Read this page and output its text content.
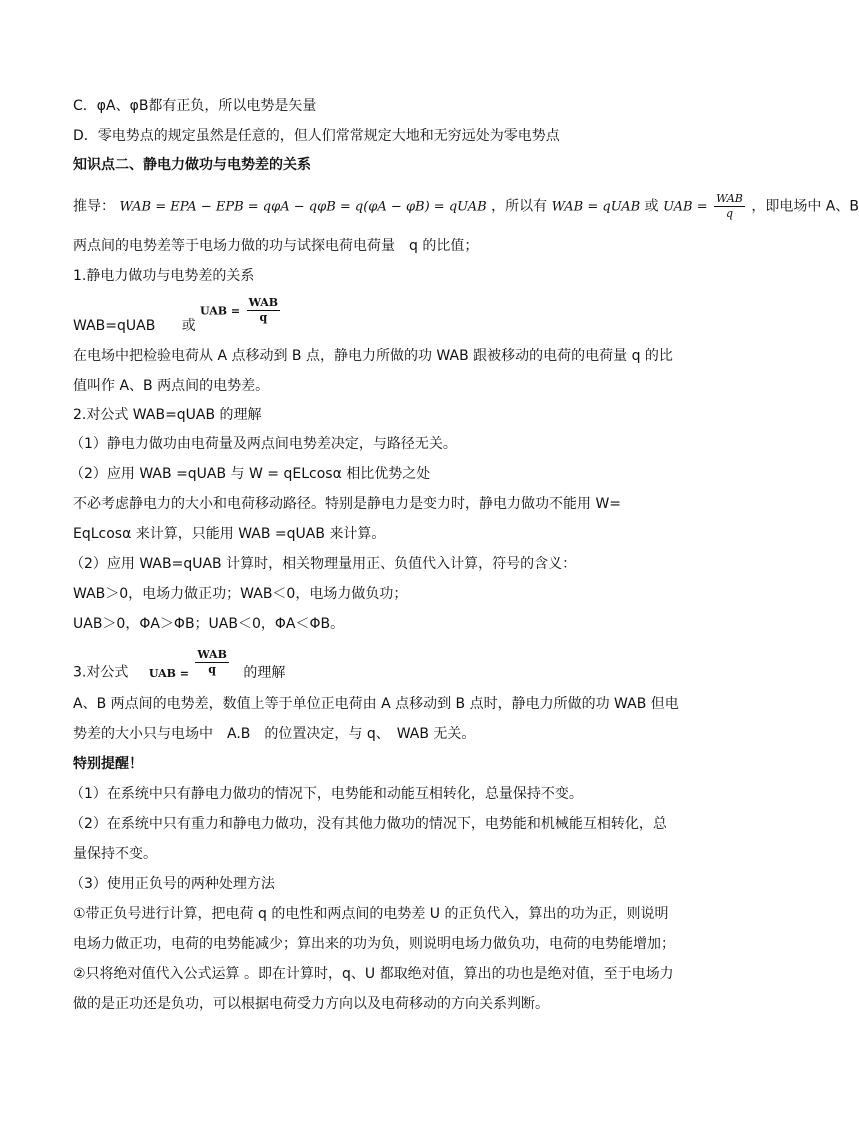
C．φA、φB都有正负，所以电势是矢量
D．零电势点的规定虽然是任意的，但人们常常规定大地和无穷远处为零电势点
知识点二、静电力做功与电势差的关系
推导： WAB = EPA − EPB = qφA − qφB = q(φA − φB) = qUAB ，所以有 WAB = qUAB 或 UAB = $\frac{\text{WAB}}{q}$ ，即电场中 A、B
两点间的电势差等于电场力做的功与试探电荷电荷量　q 的比值；
1.静电力做功与电势差的关系
UAB = $\frac{\text{WAB}}{q}$
WAB=qUAB 或
在电场中把检验电荷从 A 点移动到 B 点，静电力所做的功 WAB 跟被移动的电荷的电荷量 q 的比
值叫作 A、B 两点间的电势差。
2.对公式 WAB=qUAB 的理解
（1）静电力做功由电荷量及两点间电势差决定，与路径无关。
（2）应用 WAB =qUAB 与 W = qELcosα 相比优势之处
不必考虑静电力的大小和电荷移动路径。特别是静电力是变力时，静电力做功不能用 W=
EqLcosα 来计算，只能用 WAB =qUAB 来计算。
（2）应用 WAB=qUAB 计算时，相关物理量用正、负值代入计算，符号的含义：
WAB＞0，电场力做正功；WAB＜0，电场力做负功；
UAB＞0，ΦA＞ΦB；UAB＜0，ΦA＜ΦB。
3.对公式 UAB = $\frac{\text{WAB}}{q}$ 的理解
A、B 两点间的电势差，数值上等于单位正电荷由 A 点移动到 B 点时，静电力所做的功 WAB 但电
势差的大小只与电场中　A.B　的位置决定，与 q、　WAB 无关。
特别提醒！
（1）在系统中只有静电力做功的情况下，电势能和动能互相转化，总量保持不变。
（2）在系统中只有重力和静电力做功，没有其他力做功的情况下，电势能和机械能互相转化，总
量保持不变。
（3）使用正负号的两种处理方法
①带正负号进行计算，把电荷 q 的电性和两点间的电势差 U 的正负代入，算出的功为正，则说明
电场力做正功，电荷的电势能减少；算出来的功为负，则说明电场力做负功，电荷的电势能增加；
②只将绝对值代入公式运算 。即在计算时，q、U 都取绝对值，算出的功也是绝对值，至于电场力
做的是正功还是负功，可以根据电荷受力方向以及电荷移动的方向关系判断。
